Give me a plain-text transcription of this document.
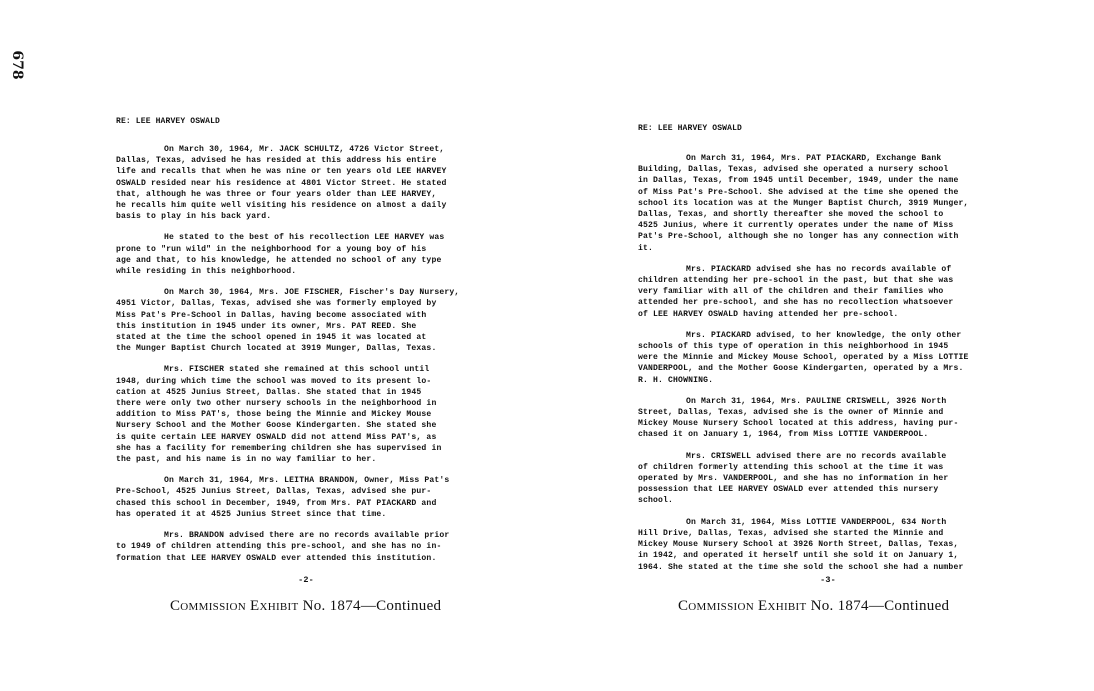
678
RE: LEE HARVEY OSWALD

On March 30, 1964, Mr. JACK SCHULTZ, 4726 Victor Street,
Dallas, Texas, advised he has resided at this address his entire
life and recalls that when he was nine or ten years old LEE HARVEY
OSWALD resided near his residence at 4801 Victor Street. He stated
that, although he was three or four years older than LEE HARVEY,
he recalls him quite well visiting his residence on almost a daily
basis to play in his back yard.

He stated to the best of his recollection LEE HARVEY was
prone to "run wild" in the neighborhood for a young boy of his
age and that, to his knowledge, he attended no school of any type
while residing in this neighborhood.

On March 30, 1964, Mrs. JOE FISCHER, Fischer's Day Nursery,
4951 Victor, Dallas, Texas, advised she was formerly employed by
Miss Pat's Pre-School in Dallas, having become associated with
this institution in 1945 under its owner, Mrs. PAT REED. She
stated at the time the school opened in 1945 it was located at
the Munger Baptist Church located at 3919 Munger, Dallas, Texas.

Mrs. FISCHER stated she remained at this school until
1948, during which time the school was moved to its present lo-
cation at 4525 Junius Street, Dallas. She stated that in 1945
there were only two other nursery schools in the neighborhood in
addition to Miss PAT's, those being the Minnie and Mickey Mouse
Nursery School and the Mother Goose Kindergarten. She stated she
is quite certain LEE HARVEY OSWALD did not attend Miss PAT's, as
she has a facility for remembering children she has supervised in
the past, and his name is in no way familiar to her.

On March 31, 1964, Mrs. LEITHA BRANDON, Owner, Miss Pat's
Pre-School, 4525 Junius Street, Dallas, Texas, advised she pur-
chased this school in December, 1949, from Mrs. PAT PIACKARD and
has operated it at 4525 Junius Street since that time.

Mrs. BRANDON advised there are no records available prior
to 1949 of children attending this pre-school, and she has no in-
formation that LEE HARVEY OSWALD ever attended this institution.

-2-
Commission Exhibit No. 1874—Continued
RE: LEE HARVEY OSWALD

On March 31, 1964, Mrs. PAT PIACKARD, Exchange Bank
Building, Dallas, Texas, advised she operated a nursery school
in Dallas, Texas, from 1945 until December, 1949, under the name
of Miss Pat's Pre-School. She advised at the time she opened the
school its location was at the Munger Baptist Church, 3919 Munger,
Dallas, Texas, and shortly thereafter she moved the school to
4525 Junius, where it currently operates under the name of Miss
Pat's Pre-School, although she no longer has any connection with
it.

Mrs. PIACKARD advised she has no records available of
children attending her pre-school in the past, but that she was
very familiar with all of the children and their families who
attended her pre-school, and she has no recollection whatsoever
of LEE HARVEY OSWALD having attended her pre-school.

Mrs. PIACKARD advised, to her knowledge, the only other
schools of this type of operation in this neighborhood in 1945
were the Minnie and Mickey Mouse School, operated by a Miss LOTTIE
VANDERPOOL, and the Mother Goose Kindergarten, operated by a Mrs.
R. H. CHOWNING.

On March 31, 1964, Mrs. PAULINE CRISWELL, 3926 North
Street, Dallas, Texas, advised she is the owner of Minnie and
Mickey Mouse Nursery School located at this address, having pur-
chased it on January 1, 1964, from Miss LOTTIE VANDERPOOL.

Mrs. CRISWELL advised there are no records available
of children formerly attending this school at the time it was
operated by Mrs. VANDERPOOL, and she has no information in her
possession that LEE HARVEY OSWALD ever attended this nursery
school.

On March 31, 1964, Miss LOTTIE VANDERPOOL, 634 North
Hill Drive, Dallas, Texas, advised she started the Minnie and
Mickey Mouse Nursery School at 3926 North Street, Dallas, Texas,
in 1942, and operated it herself until she sold it on January 1,
1964. She stated at the time she sold the school she had a number

-3-
Commission Exhibit No. 1874—Continued
